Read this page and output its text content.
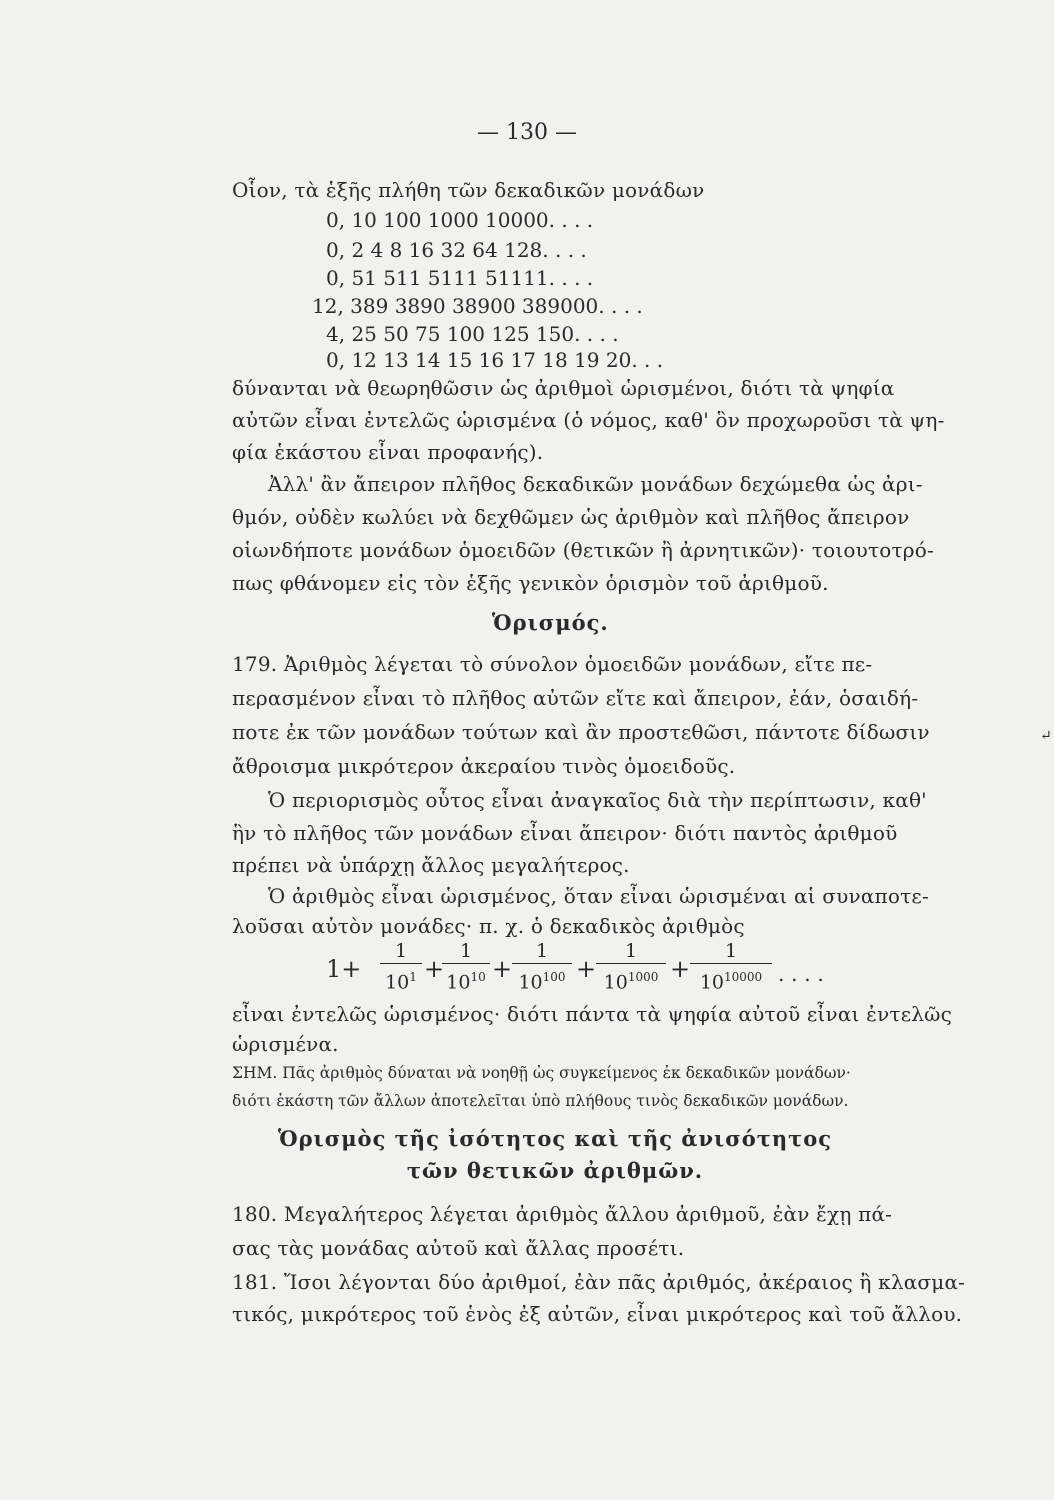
— 130 —
Οἷον, τὰ ἑξῆς πλήθη τῶν δεκαδικῶν μονάδων
0, 10 100 1000 10000. . . .
0, 2 4 8 16 32 64 128. . . .
0, 51 511 5111 51111. . . .
12, 389 3890 38900 389000. . . .
4, 25 50 75 100 125 150. . . .
0, 12 13 14 15 16 17 18 19 20. . .
δύνανται νὰ θεωρηθῶσιν ὡς ἀριθμοὶ ὡρισμένοι, διότι τὰ ψηφία
αὐτῶν εἶναι ἐντελῶς ὡρισμένα (ὁ νόμος, καθ' ὃν προχωροῦσι τὰ ψη-
φία ἑκάστου εἶναι προφανής).
Ἀλλ' ἂν ἄπειρον πλῆθος δεκαδικῶν μονάδων δεχώμεθα ὡς ἀρι-
θμόν, οὐδὲν κωλύει νὰ δεχθῶμεν ὡς ἀριθμὸν καὶ πλῆθος ἄπειρον
οἱωνδήποτε μονάδων ὁμοειδῶν (θετικῶν ἢ ἀρνητικῶν)· τοιουτοτρό-
πως φθάνομεν εἰς τὸν ἑξῆς γενικὸν ὁρισμὸν τοῦ ἀριθμοῦ.
Ὁρισμός.
179. Ἀριθμὸς λέγεται τὸ σύνολον ὁμοειδῶν μονάδων, εἴτε πε-
περασμένον εἶναι τὸ πλῆθος αὐτῶν εἴτε καὶ ἄπειρον, ἐάν, ὁσαιδή-
ποτε ἐκ τῶν μονάδων τούτων καὶ ἂν προστεθῶσι, πάντοτε δίδωσιν
ἄθροισμα μικρότερον ἀκεραίου τινὸς ὁμοειδοῦς.
Ὁ περιορισμὸς οὗτος εἶναι ἀναγκαῖος διὰ τὴν περίπτωσιν, καθ'
ἣν τὸ πλῆθος τῶν μονάδων εἶναι ἄπειρον· διότι παντὸς ἀριθμοῦ
πρέπει νὰ ὑπάρχῃ ἄλλος μεγαλήτερος.
Ὁ ἀριθμὸς εἶναι ὡρισμένος, ὅταν εἶναι ὡρισμέναι αἱ συναποτε-
λοῦσαι αὐτὸν μονάδες· π. χ. ὁ δεκαδικὸς ἀριθμὸς
1+
1
$10^1$ +
1
$10^{10}$ +
1
$10^{100}$ +
1
$10^{1000}$ +
1
$10^{10000}$ . . . .
εἶναι ἐντελῶς ὡρισμένος· διότι πάντα τὰ ψηφία αὐτοῦ εἶναι ἐντελῶς
ὡρισμένα.
ΣΗΜ. Πᾶς ἀριθμὸς δύναται νὰ νοηθῇ ὡς συγκείμενος ἐκ δεκαδικῶν μονάδων·
διότι ἑκάστη τῶν ἄλλων ἀποτελεῖται ὑπὸ πλήθους τινὸς δεκαδικῶν μονάδων.
Ὁρισμὸς τῆς ἰσότητος καὶ τῆς ἀνισότητος
τῶν θετικῶν ἀριθμῶν.
180. Μεγαλήτερος λέγεται ἀριθμὸς ἄλλου ἀριθμοῦ, ἐὰν ἔχῃ πά-
σας τὰς μονάδας αὐτοῦ καὶ ἄλλας προσέτι.
181. Ἴσοι λέγονται δύο ἀριθμοί, ἐὰν πᾶς ἀριθμός, ἀκέραιος ἢ κλασμα-
τικός, μικρότερος τοῦ ἑνὸς ἐξ αὐτῶν, εἶναι μικρότερος καὶ τοῦ ἄλλου.
↵
